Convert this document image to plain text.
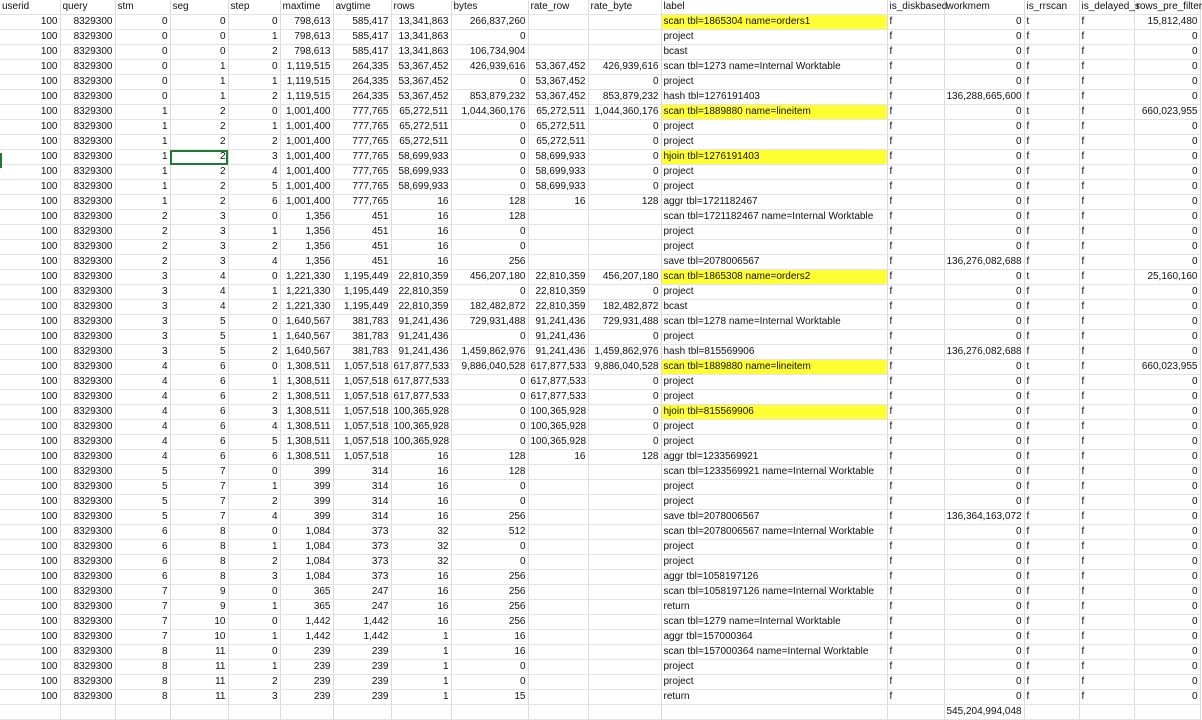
userid	query	stm	seg	step	maxtime	avgtime	rows	bytes	rate_row	rate_byte	label	is_diskbased	workmem	is_rrscan	is_delayed_s	rows_pre_filter
100	8329300	0	0	0	798,613	585,417	13,341,863	266,837,260			scan tbl=1865304 name=orders1	f	0	t	f	15,812,480
100	8329300	0	0	1	798,613	585,417	13,341,863	0			project	f	0	f	f	0
100	8329300	0	0	2	798,613	585,417	13,341,863	106,734,904			bcast	f	0	f	f	0
100	8329300	0	1	0	1,119,515	264,335	53,367,452	426,939,616	53,367,452	426,939,616	scan tbl=1273 name=Internal Worktable	f	0	f	f	0
100	8329300	0	1	1	1,119,515	264,335	53,367,452	0	53,367,452	0	project	f	0	f	f	0
100	8329300	0	1	2	1,119,515	264,335	53,367,452	853,879,232	53,367,452	853,879,232	hash tbl=1276191403	f	136,288,665,600	f	f	0
100	8329300	1	2	0	1,001,400	777,765	65,272,511	1,044,360,176	65,272,511	1,044,360,176	scan tbl=1889880 name=lineitem	f	0	t	f	660,023,955
100	8329300	1	2	1	1,001,400	777,765	65,272,511	0	65,272,511	0	project	f	0	f	f	0
100	8329300	1	2	2	1,001,400	777,765	65,272,511	0	65,272,511	0	project	f	0	f	f	0
100	8329300	1	2	3	1,001,400	777,765	58,699,933	0	58,699,933	0	hjoin tbl=1276191403	f	0	f	f	0
100	8329300	1	2	4	1,001,400	777,765	58,699,933	0	58,699,933	0	project	f	0	f	f	0
100	8329300	1	2	5	1,001,400	777,765	58,699,933	0	58,699,933	0	project	f	0	f	f	0
100	8329300	1	2	6	1,001,400	777,765	16	128	16	128	aggr tbl=1721182467	f	0	f	f	0
100	8329300	2	3	0	1,356	451	16	128			scan tbl=1721182467 name=Internal Worktable	f	0	f	f	0
100	8329300	2	3	1	1,356	451	16	0			project	f	0	f	f	0
100	8329300	2	3	2	1,356	451	16	0			project	f	0	f	f	0
100	8329300	2	3	4	1,356	451	16	256			save tbl=2078006567	f	136,276,082,688	f	f	0
100	8329300	3	4	0	1,221,330	1,195,449	22,810,359	456,207,180	22,810,359	456,207,180	scan tbl=1865308 name=orders2	f	0	t	f	25,160,160
100	8329300	3	4	1	1,221,330	1,195,449	22,810,359	0	22,810,359	0	project	f	0	f	f	0
100	8329300	3	4	2	1,221,330	1,195,449	22,810,359	182,482,872	22,810,359	182,482,872	bcast	f	0	f	f	0
100	8329300	3	5	0	1,640,567	381,783	91,241,436	729,931,488	91,241,436	729,931,488	scan tbl=1278 name=Internal Worktable	f	0	f	f	0
100	8329300	3	5	1	1,640,567	381,783	91,241,436	0	91,241,436	0	project	f	0	f	f	0
100	8329300	3	5	2	1,640,567	381,783	91,241,436	1,459,862,976	91,241,436	1,459,862,976	hash tbl=815569906	f	136,276,082,688	f	f	0
100	8329300	4	6	0	1,308,511	1,057,518	617,877,533	9,886,040,528	617,877,533	9,886,040,528	scan tbl=1889880 name=lineitem	f	0	t	f	660,023,955
100	8329300	4	6	1	1,308,511	1,057,518	617,877,533	0	617,877,533	0	project	f	0	f	f	0
100	8329300	4	6	2	1,308,511	1,057,518	617,877,533	0	617,877,533	0	project	f	0	f	f	0
100	8329300	4	6	3	1,308,511	1,057,518	100,365,928	0	100,365,928	0	hjoin tbl=815569906	f	0	f	f	0
100	8329300	4	6	4	1,308,511	1,057,518	100,365,928	0	100,365,928	0	project	f	0	f	f	0
100	8329300	4	6	5	1,308,511	1,057,518	100,365,928	0	100,365,928	0	project	f	0	f	f	0
100	8329300	4	6	6	1,308,511	1,057,518	16	128	16	128	aggr tbl=1233569921	f	0	f	f	0
100	8329300	5	7	0	399	314	16	128			scan tbl=1233569921 name=Internal Worktable	f	0	f	f	0
100	8329300	5	7	1	399	314	16	0			project	f	0	f	f	0
100	8329300	5	7	2	399	314	16	0			project	f	0	f	f	0
100	8329300	5	7	4	399	314	16	256			save tbl=2078006567	f	136,364,163,072	f	f	0
100	8329300	6	8	0	1,084	373	32	512			scan tbl=2078006567 name=Internal Worktable	f	0	f	f	0
100	8329300	6	8	1	1,084	373	32	0			project	f	0	f	f	0
100	8329300	6	8	2	1,084	373	32	0			project	f	0	f	f	0
100	8329300	6	8	3	1,084	373	16	256			aggr tbl=1058197126	f	0	f	f	0
100	8329300	7	9	0	365	247	16	256			scan tbl=1058197126 name=Internal Worktable	f	0	f	f	0
100	8329300	7	9	1	365	247	16	256			return	f	0	f	f	0
100	8329300	7	10	0	1,442	1,442	16	256			scan tbl=1279 name=Internal Worktable	f	0	f	f	0
100	8329300	7	10	1	1,442	1,442	1	16			aggr tbl=157000364	f	0	f	f	0
100	8329300	8	11	0	239	239	1	16			scan tbl=157000364 name=Internal Worktable	f	0	f	f	0
100	8329300	8	11	1	239	239	1	0			project	f	0	f	f	0
100	8329300	8	11	2	239	239	1	0			project	f	0	f	f	0
100	8329300	8	11	3	239	239	1	15			return	f	0	f	f	0
													545,204,994,048			
